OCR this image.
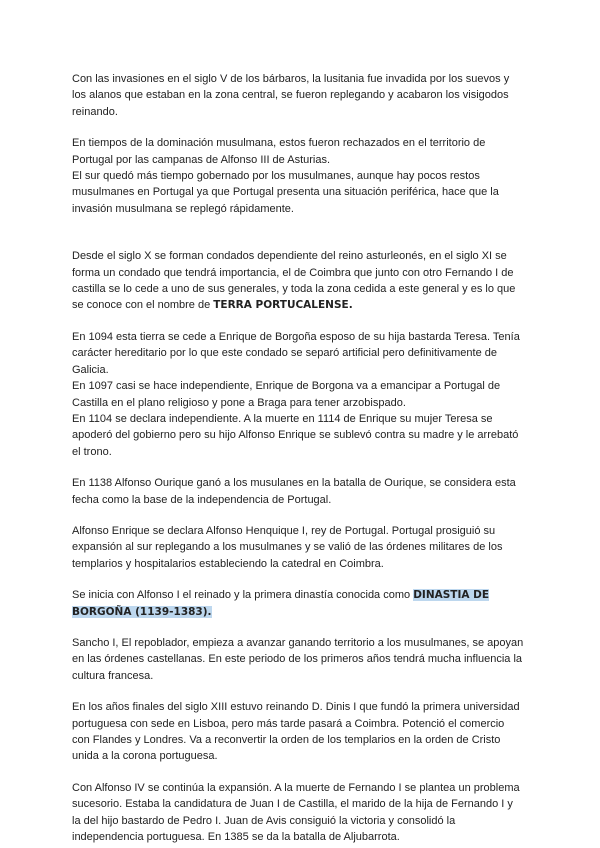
Con las invasiones en el siglo V de los bárbaros, la lusitania fue invadida por los suevos y
los alanos que estaban en la zona central, se fueron replegando y acabaron los visigodos
reinando.

En tiempos de la dominación musulmana, estos fueron rechazados en el territorio de
Portugal por las campanas de Alfonso III de Asturias.
El sur quedó más tiempo gobernado por los musulmanes, aunque hay pocos restos
musulmanes en Portugal ya que Portugal presenta una situación periférica, hace que la
invasión musulmana se replegó rápidamente.

Desde el siglo X se forman condados dependiente del reino asturleonés, en el siglo XI se
forma un condado que tendrá importancia, el de Coimbra que junto con otro Fernando I de
castilla se lo cede a uno de sus generales, y toda la zona cedida a este general y es lo que
se conoce con el nombre de TERRA PORTUCALENSE.

En 1094 esta tierra se cede a Enrique de Borgoña esposo de su hija bastarda Teresa. Tenía
carácter hereditario por lo que este condado se separó artificial pero definitivamente de
Galicia.
En 1097 casi se hace independiente, Enrique de Borgona va a emancipar a Portugal de
Castilla en el plano religioso y pone a Braga para tener arzobispado.
En 1104 se declara independiente. A la muerte en 1114 de Enrique su mujer Teresa se
apoderó del gobierno pero su hijo Alfonso Enrique se sublevó contra su madre y le arrebató
el trono.

En 1138 Alfonso Ourique ganó a los musulanes en la batalla de Ourique, se considera esta
fecha como la base de la independencia de Portugal.

Alfonso Enrique se declara Alfonso Henquique I, rey de Portugal. Portugal prosiguió su
expansión al sur replegando a los musulmanes y se valió de las órdenes militares de los
templarios y hospitalarios estableciendo la catedral en Coimbra.

Se inicia con Alfonso I el reinado y la primera dinastía conocida como DINASTIA DE
BORGOÑA (1139-1383).

Sancho I, El repoblador, empieza a avanzar ganando territorio a los musulmanes, se apoyan
en las órdenes castellanas. En este periodo de los primeros años tendrá mucha influencia la
cultura francesa.

En los años finales del siglo XIII estuvo reinando D. Dinis I que fundó la primera universidad
portuguesa con sede en Lisboa, pero más tarde pasará a Coimbra. Potenció el comercio
con Flandes y Londres. Va a reconvertir la orden de los templarios en la orden de Cristo
unida a la corona portuguesa.

Con Alfonso IV se continúa la expansión. A la muerte de Fernando I se plantea un problema
sucesorio. Estaba la candidatura de Juan I de Castilla, el marido de la hija de Fernando I y
la del hijo bastardo de Pedro I. Juan de Avis consiguió la victoria y consolidó la
independencia portuguesa. En 1385 se da la batalla de Aljubarrota.
